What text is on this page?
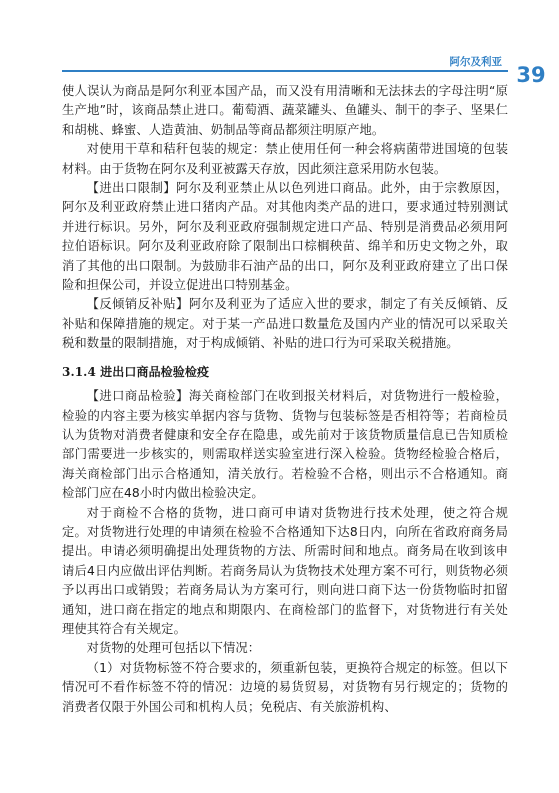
阿尔及利亚
39

使人误认为商品是阿尔利亚本国产品，而又没有用清晰和无法抹去的字母注明“原生产地”时，该商品禁止进口。葡萄酒、蔬菜罐头、鱼罐头、制干的李子、坚果仁和胡桃、蜂蜜、人造黄油、奶制品等商品都须注明原产地。

对使用干草和秸秆包装的规定：禁止使用任何一种会将病菌带进国境的包装材料。由于货物在阿尔及利亚被露天存放，因此须注意采用防水包装。

【进出口限制】阿尔及利亚禁止从以色列进口商品。此外，由于宗教原因，阿尔及利亚政府禁止进口猪肉产品。对其他肉类产品的进口，要求通过特别测试并进行标识。另外，阿尔及利亚政府强制规定进口产品、特别是消费品必须用阿拉伯语标识。阿尔及利亚政府除了限制出口棕榈秧苗、绵羊和历史文物之外，取消了其他的出口限制。为鼓励非石油产品的出口，阿尔及利亚政府建立了出口保险和担保公司，并设立促进出口特别基金。

【反倾销反补贴】阿尔及利亚为了适应入世的要求，制定了有关反倾销、反补贴和保障措施的规定。对于某一产品进口数量危及国内产业的情况可以采取关税和数量的限制措施，对于构成倾销、补贴的进口行为可采取关税措施。

3.1.4 进出口商品检验检疫

【进口商品检验】海关商检部门在收到报关材料后，对货物进行一般检验，检验的内容主要为核实单据内容与货物、货物与包装标签是否相符等；若商检员认为货物对消费者健康和安全存在隐患，或先前对于该货物质量信息已告知质检部门需要进一步核实的，则需取样送实验室进行深入检验。货物经检验合格后，海关商检部门出示合格通知，清关放行。若检验不合格，则出示不合格通知。商检部门应在48小时内做出检验决定。

对于商检不合格的货物，进口商可申请对货物进行技术处理，使之符合规定。对货物进行处理的申请须在检验不合格通知下达8日内，向所在省政府商务局提出。申请必须明确提出处理货物的方法、所需时间和地点。商务局在收到该申请后4日内应做出评估判断。若商务局认为货物技术处理方案不可行，则货物必须予以再出口或销毁；若商务局认为方案可行，则向进口商下达一份货物临时扣留通知，进口商在指定的地点和期限内、在商检部门的监督下，对货物进行有关处理使其符合有关规定。

对货物的处理可包括以下情况：

（1）对货物标签不符合要求的，须重新包装，更换符合规定的标签。但以下情况可不看作标签不符的情况：边境的易货贸易，对货物有另行规定的；货物的消费者仅限于外国公司和机构人员；免税店、有关旅游机构、
